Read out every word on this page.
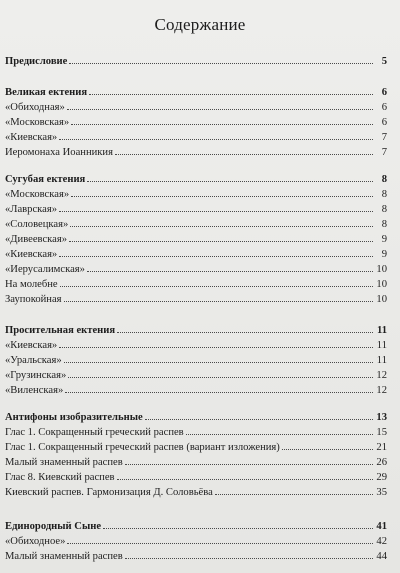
Содержание
Предисловие	5
Великая ектения	6
«Обиходная»	6
«Московская»	6
«Киевская»	7
Иеромонаха Иоанникия	7
Сугубая ектения	8
«Московская»	8
«Лаврская»	8
«Соловецкая»	8
«Дивеевская»	9
«Киевская»	9
«Иерусалимская»	10
На молебне	10
Заупокойная	10
Просительная ектения	11
«Киевская»	11
«Уральская»	11
«Грузинская»	12
«Виленская»	12
Антифоны изобразительные	13
Глас 1. Сокращенный греческий распев	15
Глас 1. Сокращенный греческий распев (вариант изложения)	21
Малый знаменный распев	26
Глас 8. Киевский распев	29
Киевский распев. Гармонизация Д. Соловьёва	35
Единородный Сыне	41
«Обиходное»	42
Малый знаменный распев	44
